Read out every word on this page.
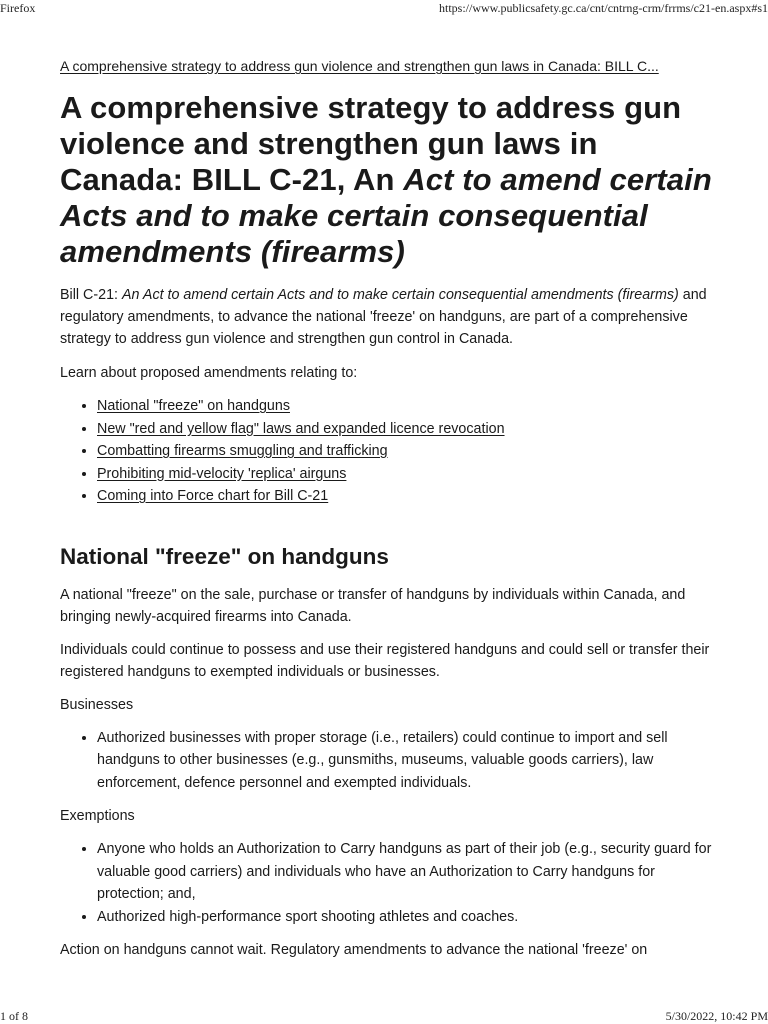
Firefox	https://www.publicsafety.gc.ca/cnt/cntrng-crm/frrms/c21-en.aspx#s1
A comprehensive strategy to address gun violence and strengthen gun laws in Canada: BILL C...
A comprehensive strategy to address gun violence and strengthen gun laws in Canada: BILL C-21, An Act to amend certain Acts and to make certain consequential amendments (firearms)

Bill C-21: An Act to amend certain Acts and to make certain consequential amendments (firearms) and regulatory amendments, to advance the national 'freeze' on handguns, are part of a comprehensive strategy to address gun violence and strengthen gun control in Canada.

Learn about proposed amendments relating to:

• National "freeze" on handguns
• New "red and yellow flag" laws and expanded licence revocation
• Combatting firearms smuggling and trafficking
• Prohibiting mid-velocity 'replica' airguns
• Coming into Force chart for Bill C-21
National "freeze" on handguns

A national "freeze" on the sale, purchase or transfer of handguns by individuals within Canada, and bringing newly-acquired firearms into Canada.

Individuals could continue to possess and use their registered handguns and could sell or transfer their registered handguns to exempted individuals or businesses.

Businesses

• Authorized businesses with proper storage (i.e., retailers) could continue to import and sell handguns to other businesses (e.g., gunsmiths, museums, valuable goods carriers), law enforcement, defence personnel and exempted individuals.

Exemptions

• Anyone who holds an Authorization to Carry handguns as part of their job (e.g., security guard for valuable good carriers) and individuals who have an Authorization to Carry handguns for protection; and,
• Authorized high-performance sport shooting athletes and coaches.

Action on handguns cannot wait. Regulatory amendments to advance the national 'freeze' on

1 of 8	5/30/2022, 10:42 PM
